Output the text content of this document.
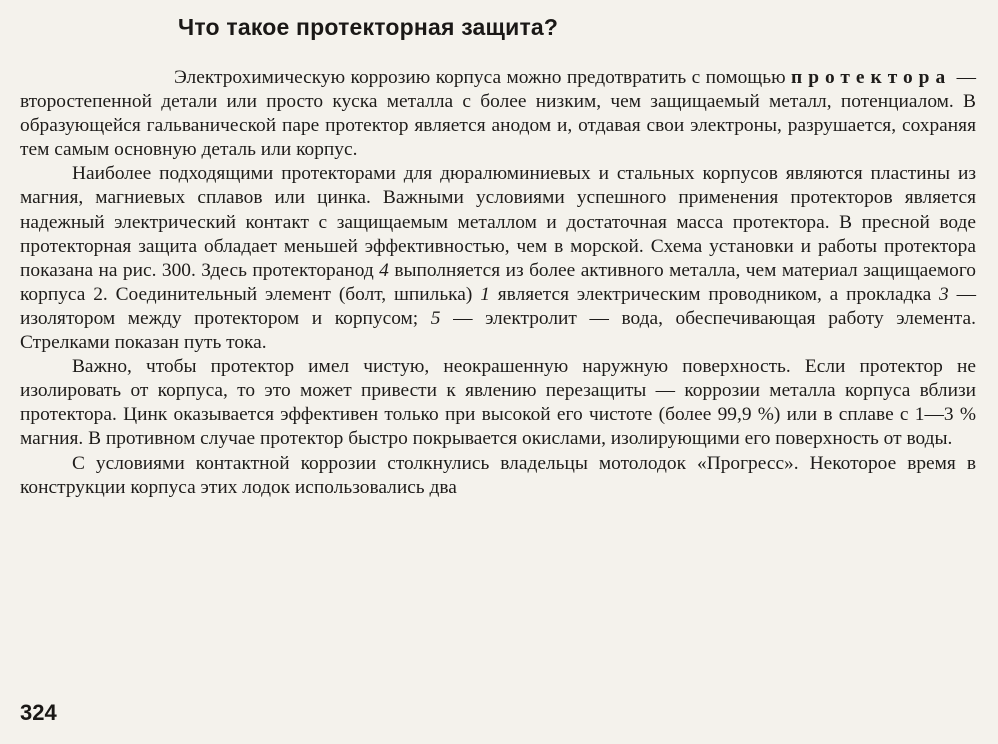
Что такое протекторная защита?

Электрохимическую коррозию корпуса можно предотвратить с помощью протектора — второстепенной детали или просто куска металла с более низким, чем защищаемый металл, потенциалом. В образующейся гальванической паре протектор является анодом и, отдавая свои электроны, разрушается, сохраняя тем самым основную деталь или корпус.

Наиболее подходящими протекторами для дюралюминиевых и стальных корпусов являются пластины из магния, магниевых сплавов или цинка. Важными условиями успешного применения протекторов является надежный электрический контакт с защищаемым металлом и достаточная масса протектора. В пресной воде протекторная защита обладает меньшей эффективностью, чем в морской. Схема установки и работы протектора показана на рис. 300. Здесь протекторанод 4 выполняется из более активного металла, чем материал защищаемого корпуса 2. Соединительный элемент (болт, шпилька) 1 является электрическим проводником, а прокладка 3 — изолятором между протектором и корпусом; 5 — электролит — вода, обеспечивающая работу элемента. Стрелками показан путь тока.

Важно, чтобы протектор имел чистую, неокрашенную наружную поверхность. Если протектор не изолировать от корпуса, то это может привести к явлению перезащиты — коррозии металла корпуса вблизи протектора. Цинк оказывается эффективен только при высокой его чистоте (более 99,9 %) или в сплаве с 1—3 % магния. В противном случае протектор быстро покрывается окислами, изолирующими его поверхность от воды.

С условиями контактной коррозии столкнулись владельцы мотолодок «Прогресс». Некоторое время в конструкции корпуса этих лодок использовались два

324
